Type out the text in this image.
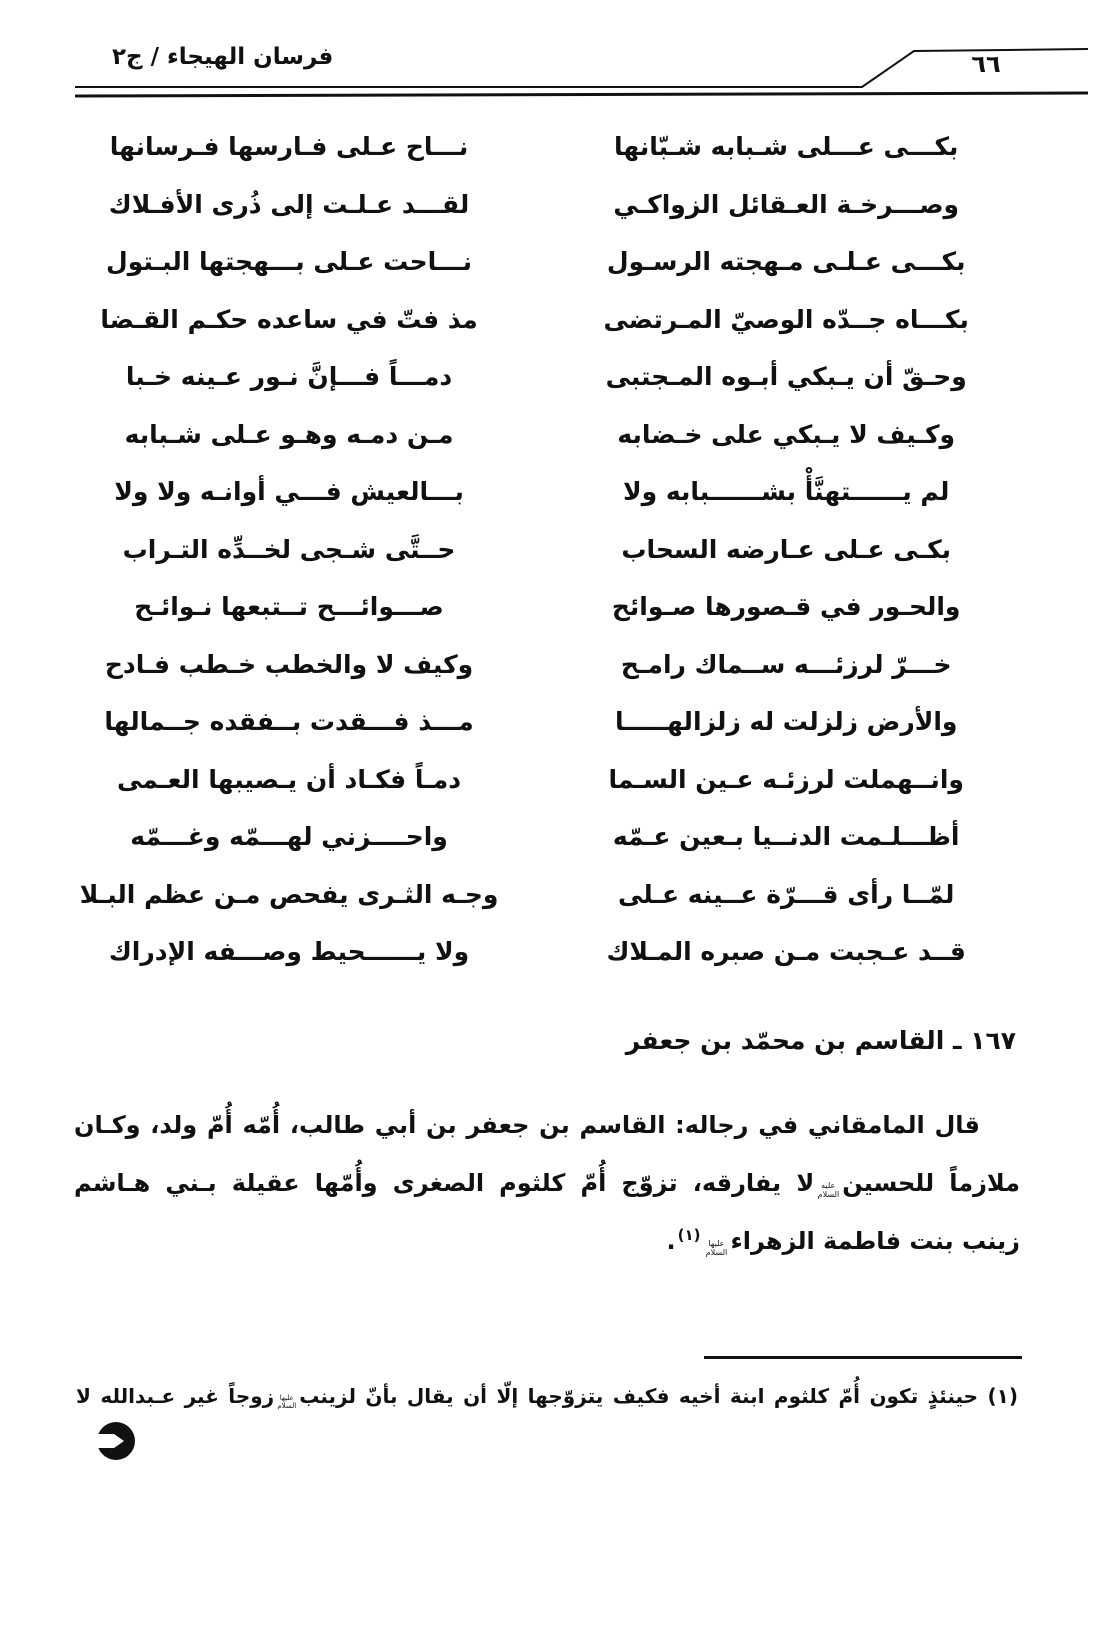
فرسان الهيجاء / ج٢	٦٦
بكـــى عـــلى شـبابه شـبّانها
نـــاح عـلى فـارسها فـرسانها
وصـــرخـة العـقائل الزواكـي
لقـــد عـلـت إلى ذُرى الأفـلاك
بكـــى عـلـى مـهجته الرسـول
نـــاحت عـلى بـــهجتها البـتول
بكـــاه جــدّه الوصيّ المـرتضى
مذ فتّ في ساعده حكـم القـضا
وحـقّ أن يـبكي أبـوه المـجتبى
دمـــاً فـــإنَّ نـور عـينه خـبا
وكـيف لا يـبكي على خـضابه
مـن دمـه وهـو عـلى شـبابه
لم يــــــتهنَّأْ بشــــــبابه ولا
بـــالعيش فـــي أوانـه ولا ولا
بكـى عـلى عـارضه السحاب
حــتَّى شـجى لخــدِّه التـراب
والحـور في قـصورها صـوائح
صـــوائـــح تــتبعها نـوائـح
خـــرّ لرزئـــه ســماك رامـح
وكيف لا والخطب خـطب فـادح
والأرض زلزلت له زلزالهـــــا
مـــذ فـــقدت بــفقده جــمالها
وانــهملت لرزئـه عـين السـما
دمـاً فكـاد أن يـصيبها العـمى
أظـــلـمت الدنــيا بـعين عـمّه
واحــــزني لهـــمّه وغـــمّه
لمّــا رأى قـــرّة عــينه عـلى
وجـه الثـرى يفحص مـن عظم البـلا
قــد عـجبت مـن صبره المـلاك
ولا يــــــحيط وصـــفه الإدراك
١٦٧ ـ القاسم بن محمّد بن جعفر
قال المامقاني في رجاله: القاسم بن جعفر بن أبي طالب، أُمّه أُمّ ولد، وكـان
ملازماً للحسينعليه السلاملا يفارقه، تزوّج أُمّ كلثوم الصغرى وأُمّها عقيلة بـني هـاشم
زينب بنت فاطمة الزهراءعليها السلام$^{(١)}$.
(١) حينئذٍ تكون أُمّ كلثوم ابنة أخيه فكيف يتزوّجها إلّا أن يقال بأنّ لزينبعليها السلامزوجاً غير عـبدالله لا
